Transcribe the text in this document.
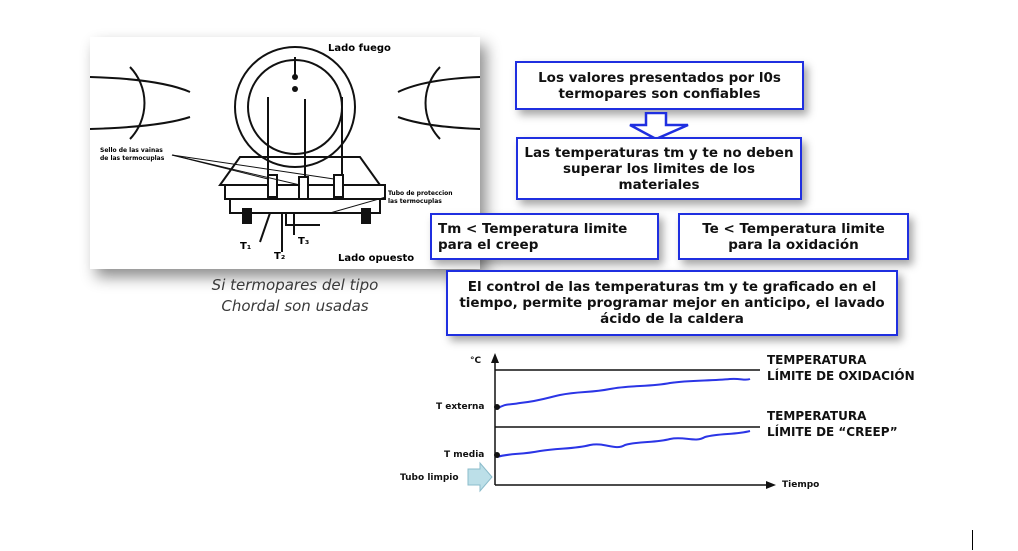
Lado fuego
Lado opuesto
Sello de las vainas
de las termocuplas
Tubo de proteccion
las termocuplas
T₁
T₂
T₃
Si termopares del tipo
Chordal son usadas
Los valores presentados por l0s termopares son confiables
Las temperaturas tm y te no deben superar los limites de los materiales
Tm < Temperatura limite para el creep
Te < Temperatura limite para la oxidación
El control de las temperaturas tm y te graficado en el tiempo, permite programar mejor en anticipo, el lavado ácido de la caldera
°C
T externa
T media
Tubo limpio
Tiempo
TEMPERATURA
LÍMITE DE OXIDACIÓN
TEMPERATURA
LÍMITE DE “CREEP”
